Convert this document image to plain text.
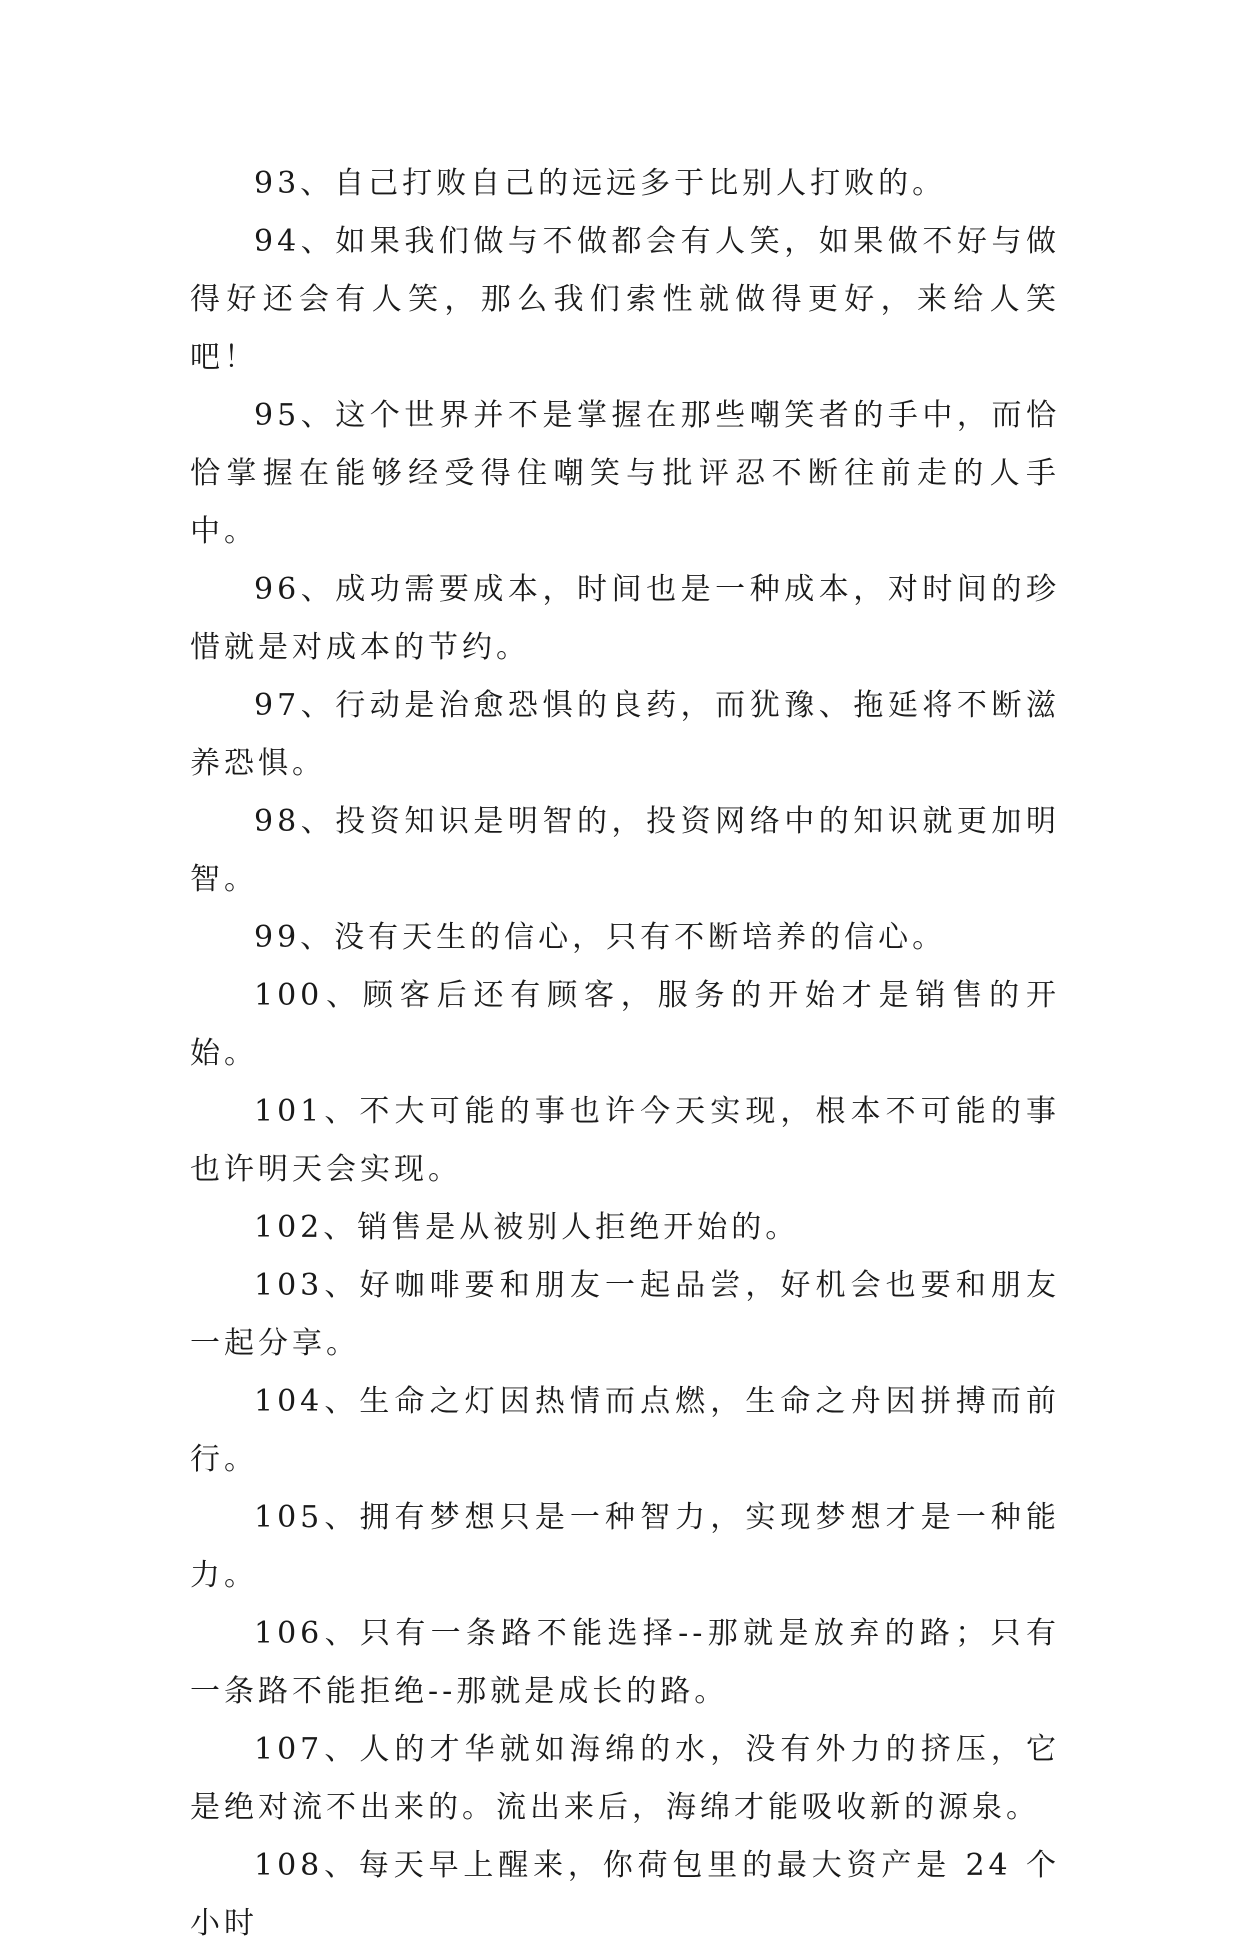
93、自己打败自己的远远多于比别人打败的。

94、如果我们做与不做都会有人笑，如果做不好与做得好还会有人笑，那么我们索性就做得更好，来给人笑吧！

95、这个世界并不是掌握在那些嘲笑者的手中，而恰恰掌握在能够经受得住嘲笑与批评忍不断往前走的人手中。

96、成功需要成本，时间也是一种成本，对时间的珍惜就是对成本的节约。

97、行动是治愈恐惧的良药，而犹豫、拖延将不断滋养恐惧。

98、投资知识是明智的，投资网络中的知识就更加明智。

99、没有天生的信心，只有不断培养的信心。

100、顾客后还有顾客，服务的开始才是销售的开始。

101、不大可能的事也许今天实现，根本不可能的事也许明天会实现。

102、销售是从被别人拒绝开始的。

103、好咖啡要和朋友一起品尝，好机会也要和朋友一起分享。

104、生命之灯因热情而点燃，生命之舟因拼搏而前行。

105、拥有梦想只是一种智力，实现梦想才是一种能力。

106、只有一条路不能选择--那就是放弃的路；只有一条路不能拒绝--那就是成长的路。

107、人的才华就如海绵的水，没有外力的挤压，它是绝对流不出来的。流出来后，海绵才能吸收新的源泉。

108、每天早上醒来，你荷包里的最大资产是 24 个小时
